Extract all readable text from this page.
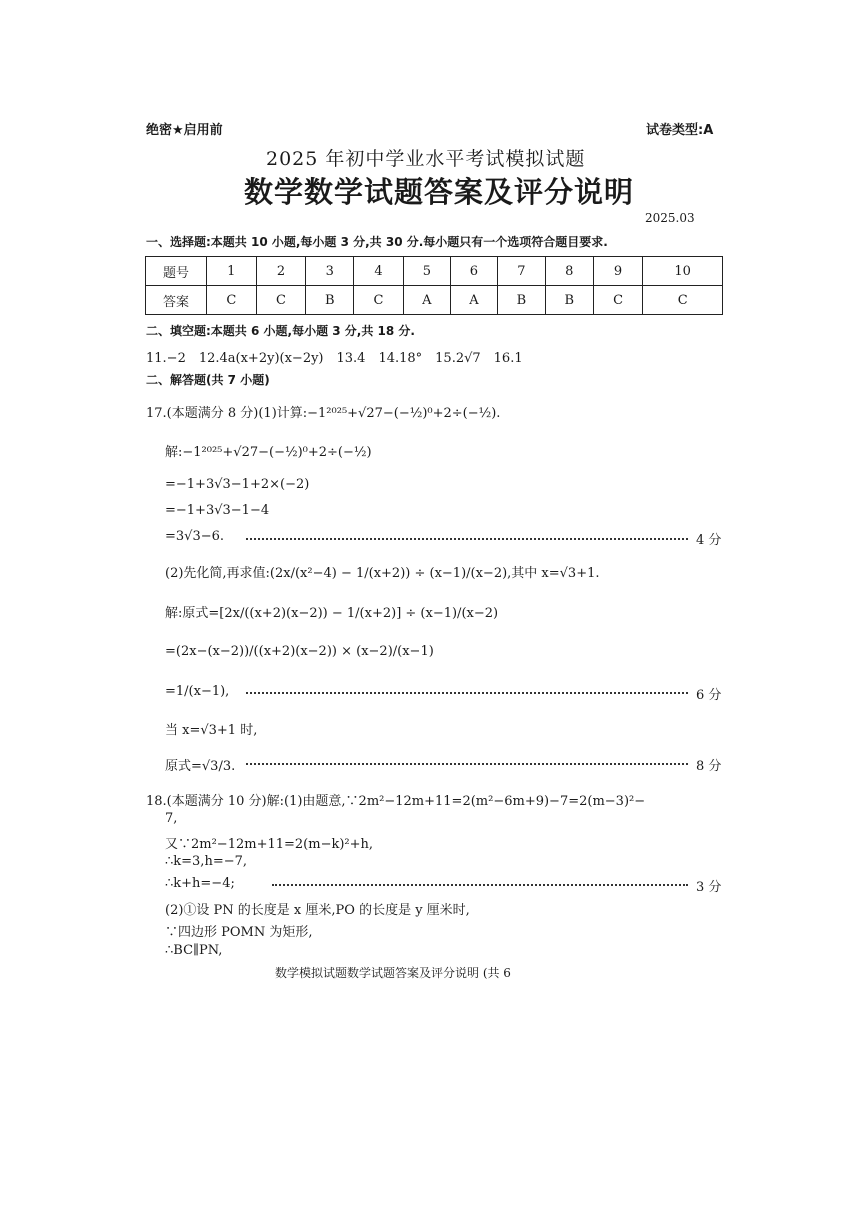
绝密★启用前	试卷类型:A
2025 年初中学业水平考试模拟试题
数学数学试题答案及评分说明
2025.03
一、选择题:本题共 10 小题,每小题 3 分,共 30 分.每小题只有一个选项符合题目要求.
题号	1	2	3	4	5	6	7	8	9	10
答案	C	C	B	C	A	A	B	B	C	C
二、填空题:本题共 6 小题,每小题 3 分,共 18 分.
11.−2　12.4a(x+2y)(x−2y)　13.4　14.18°　15.2√7　16.1
二、解答题(共 7 小题)
17.(本题满分 8 分)(1)计算:−1²⁰²⁵+√27−(−½)⁰+2÷(−½).
解:−1²⁰²⁵+√27−(−½)⁰+2÷(−½)
=−1+3√3−1+2×(−2)
=−1+3√3−1−4
=3√3−6.	4 分
(2)先化简,再求值:(2x/(x²−4) − 1/(x+2)) ÷ (x−1)/(x−2),其中 x=√3+1.
解:原式=[2x/((x+2)(x−2)) − 1/(x+2)] ÷ (x−1)/(x−2)
=(2x−(x−2))/((x+2)(x−2)) × (x−2)/(x−1)
=1/(x−1),	6 分
当 x=√3+1 时,
原式=√3/3.	8 分
18.(本题满分 10 分)解:(1)由题意,∵2m²−12m+11=2(m²−6m+9)−7=2(m−3)²−
7,
又∵2m²−12m+11=2(m−k)²+h,
∴k=3,h=−7,
∴k+h=−4;	3 分
(2)①设 PN 的长度是 x 厘米,PO 的长度是 y 厘米时,
∵四边形 POMN 为矩形,
∴BC∥PN,
数学模拟试题数学试题答案及评分说明 (共 6
